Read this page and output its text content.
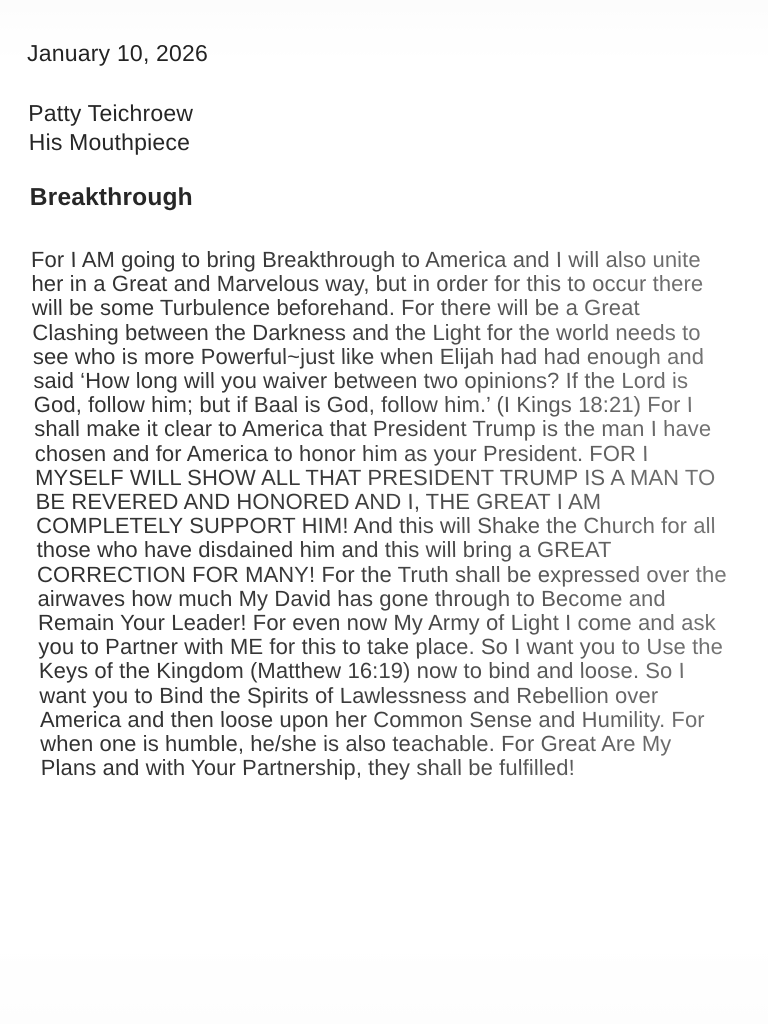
January 10, 2026
Patty Teichroew
His Mouthpiece
Breakthrough
For I AM going to bring Breakthrough to America and I will also unite
her in a Great and Marvelous way, but in order for this to occur there
will be some Turbulence beforehand. For there will be a Great
Clashing between the Darkness and the Light for the world needs to
see who is more Powerful~just like when Elijah had had enough and
said ‘How long will you waiver between two opinions? If the Lord is
God, follow him; but if Baal is God, follow him.’ (I Kings 18:21) For I
shall make it clear to America that President Trump is the man I have
chosen and for America to honor him as your President. FOR I
MYSELF WILL SHOW ALL THAT PRESIDENT TRUMP IS A MAN TO
BE REVERED AND HONORED AND I, THE GREAT I AM
COMPLETELY SUPPORT HIM! And this will Shake the Church for all
those who have disdained him and this will bring a GREAT
CORRECTION FOR MANY! For the Truth shall be expressed over the
airwaves how much My David has gone through to Become and
Remain Your Leader! For even now My Army of Light I come and ask
you to Partner with ME for this to take place. So I want you to Use the
Keys of the Kingdom (Matthew 16:19) now to bind and loose. So I
want you to Bind the Spirits of Lawlessness and Rebellion over
America and then loose upon her Common Sense and Humility. For
when one is humble, he/she is also teachable. For Great Are My
Plans and with Your Partnership, they shall be fulfilled!
